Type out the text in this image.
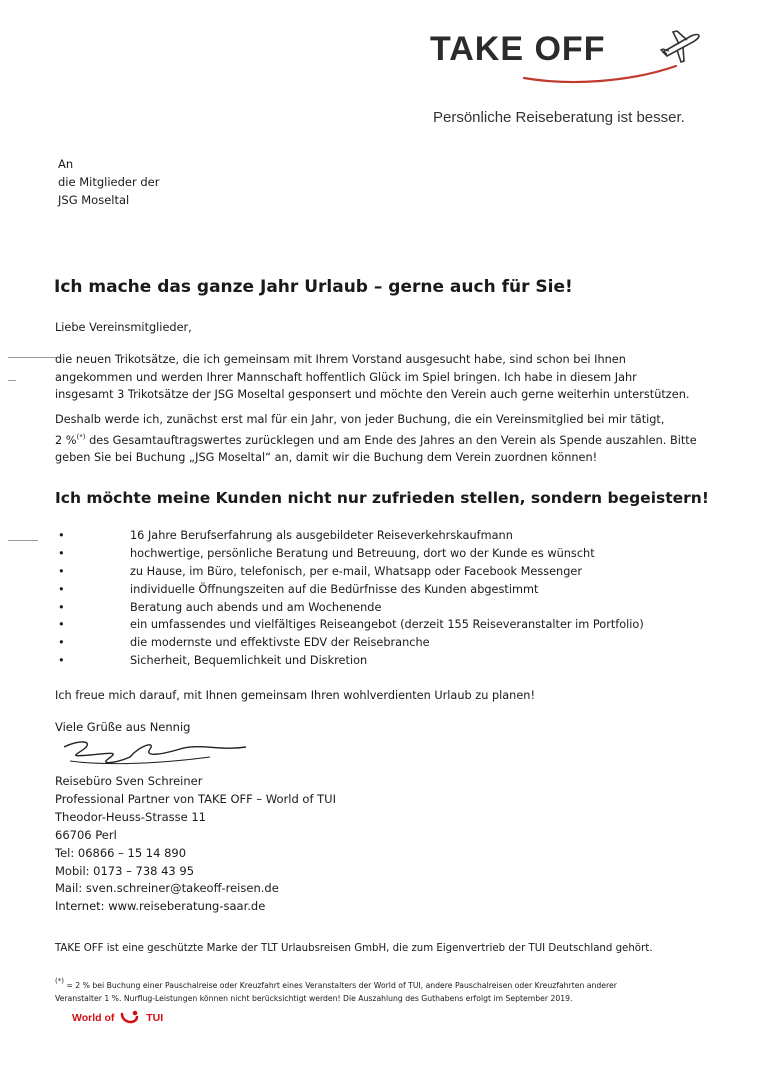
TAKE OFF
Persönliche Reiseberatung ist besser.
An
die Mitglieder der
JSG Moseltal
Ich mache das ganze Jahr Urlaub – gerne auch für Sie!
Liebe Vereinsmitglieder,
die neuen Trikotsätze, die ich gemeinsam mit Ihrem Vorstand ausgesucht habe, sind schon bei Ihnen
angekommen und werden Ihrer Mannschaft hoffentlich Glück im Spiel bringen. Ich habe in diesem Jahr
insgesamt 3 Trikotsätze der JSG Moseltal gesponsert und möchte den Verein auch gerne weiterhin unterstützen.
Deshalb werde ich, zunächst erst mal für ein Jahr, von jeder Buchung, die ein Vereinsmitglied bei mir tätigt,
2 %(*) des Gesamtauftragswertes zurücklegen und am Ende des Jahres an den Verein als Spende auszahlen. Bitte
geben Sie bei Buchung „JSG Moseltal“ an, damit wir die Buchung dem Verein zuordnen können!
Ich möchte meine Kunden nicht nur zufrieden stellen, sondern begeistern!
•	16 Jahre Berufserfahrung als ausgebildeter Reiseverkehrskaufmann
•	hochwertige, persönliche Beratung und Betreuung, dort wo der Kunde es wünscht
•	zu Hause, im Büro, telefonisch, per e-mail, Whatsapp oder Facebook Messenger
•	individuelle Öffnungszeiten auf die Bedürfnisse des Kunden abgestimmt
•	Beratung auch abends und am Wochenende
•	ein umfassendes und vielfältiges Reiseangebot (derzeit 155 Reiseveranstalter im Portfolio)
•	die modernste und effektivste EDV der Reisebranche
•	Sicherheit, Bequemlichkeit und Diskretion
Ich freue mich darauf, mit Ihnen gemeinsam Ihren wohlverdienten Urlaub zu planen!
Viele Grüße aus Nennig
Reisebüro Sven Schreiner
Professional Partner von TAKE OFF – World of TUI
Theodor-Heuss-Strasse 11
66706 Perl
Tel: 06866 – 15 14 890
Mobil: 0173 – 738 43 95
Mail: sven.schreiner@takeoff-reisen.de
Internet: www.reiseberatung-saar.de
TAKE OFF ist eine geschützte Marke der TLT Urlaubsreisen GmbH, die zum Eigenvertrieb der TUI Deutschland gehört.
(*) = 2 % bei Buchung einer Pauschalreise oder Kreuzfahrt eines Veranstalters der World of TUI, andere Pauschalreisen oder Kreuzfahrten anderer
Veranstalter 1 %. Nurflug-Leistungen können nicht berücksichtigt werden! Die Auszahlung des Guthabens erfolgt im September 2019.
World of	TUI
